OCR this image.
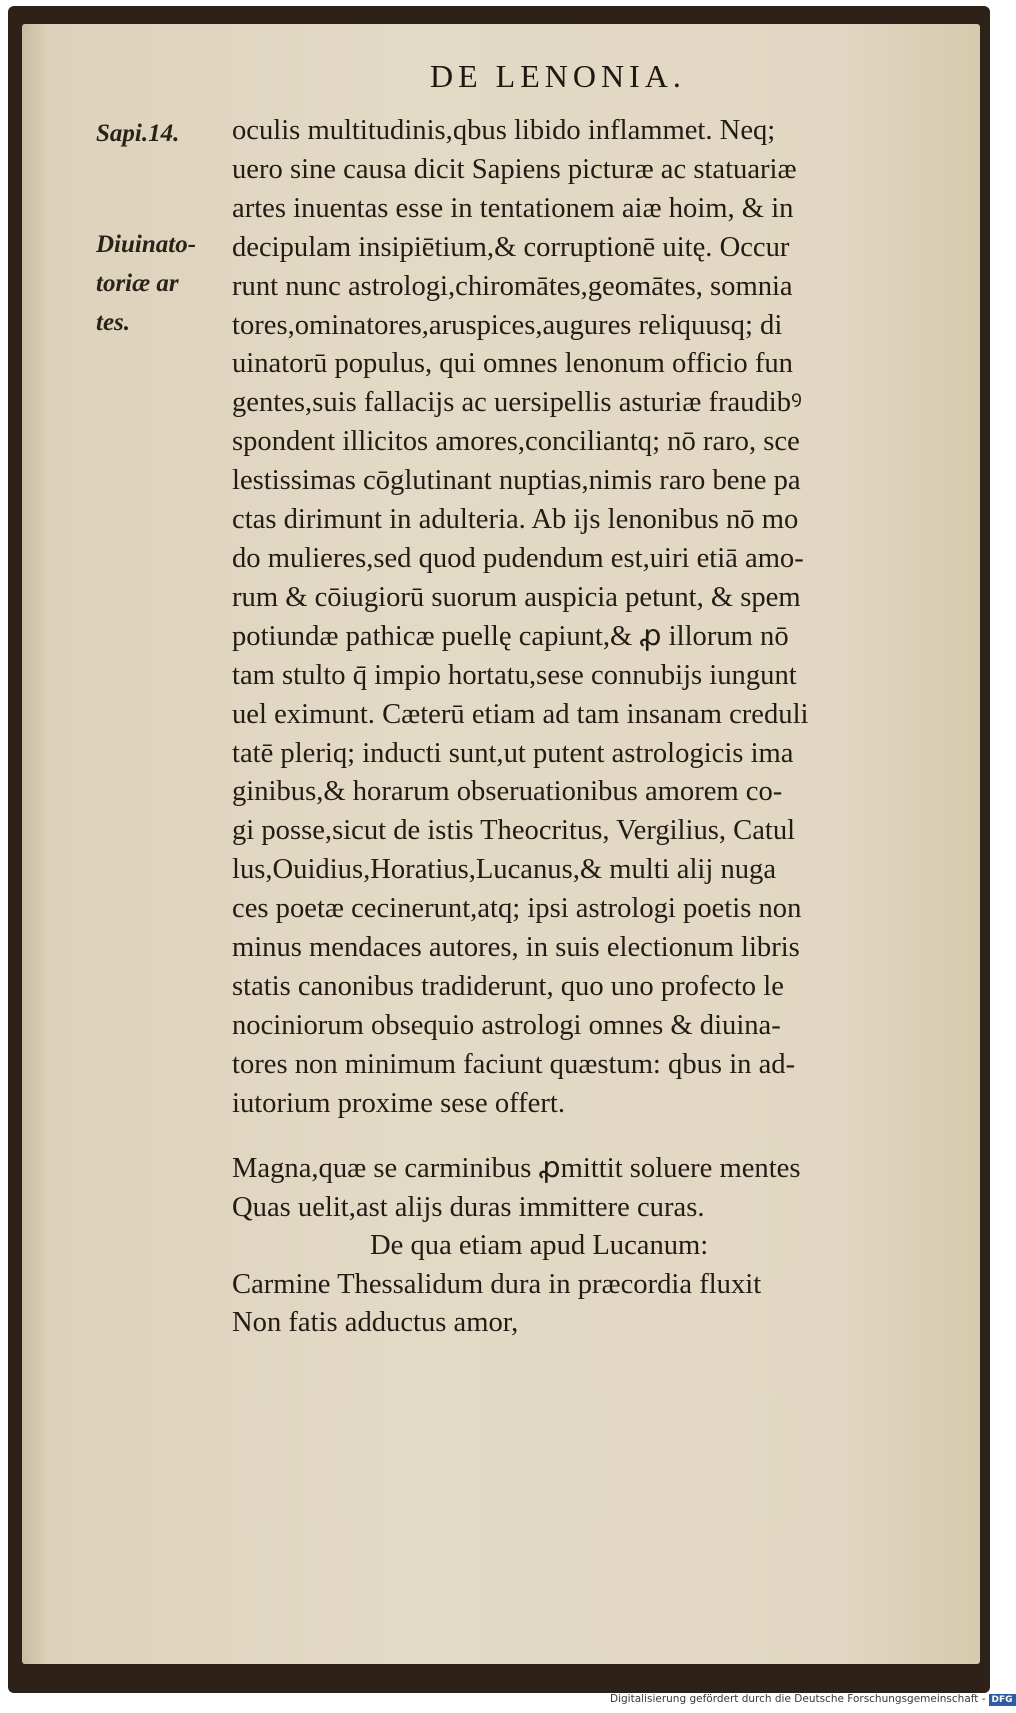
DE LENONIA.
Sapi.14.
Diuinato-
toriæ ar
tes.
oculis multitudinis,qbus libido inflammet. Neq;
uero sine causa dicit Sapiens picturæ ac statuariæ
artes inuentas esse in tentationem aiæ hoim, & in
decipulam insipiētium,& corruptionē uitę. Occur
runt nunc astrologi,chiromātes,geomātes, somnia
tores,ominatores,aruspices,augures reliquusq; di
uinatorū populus, qui omnes lenonum officio fun
gentes,suis fallacijs ac uersipellis asturiæ fraudibꝰ
spondent illicitos amores,conciliantq; nō raro, sce
lestissimas cōglutinant nuptias,nimis raro bene pa
ctas dirimunt in adulteria. Ab ijs lenonibus nō mo
do mulieres,sed quod pudendum est,uiri etiā amo-
rum & cōiugiorū suorum auspicia petunt, & spem
potiundæ pathicæ puellę capiunt,& ꝓ illorum nō
tam stulto q̄ impio hortatu,sese connubijs iungunt
uel eximunt. Cæterū etiam ad tam insanam creduli
tatē pleriq; inducti sunt,ut putent astrologicis ima
ginibus,& horarum obseruationibus amorem co-
gi posse,sicut de istis Theocritus, Vergilius, Catul
lus,Ouidius,Horatius,Lucanus,& multi alij nuga
ces poetæ cecinerunt,atq; ipsi astrologi poetis non
minus mendaces autores, in suis electionum libris
statis canonibus tradiderunt, quo uno profecto le
nociniorum obsequio astrologi omnes & diuina-
tores non minimum faciunt quæstum: qbus in ad-
iutorium proxime sese offert.
Magna,quæ se carminibus ꝓmittit soluere mentes
Quas uelit,ast alijs duras immittere curas.
De qua etiam apud Lucanum:
Carmine Thessalidum dura in præcordia fluxit
Non fatis adductus amor,
Digitalisierung gefördert durch die Deutsche Forschungsgemeinschaft - DFG
